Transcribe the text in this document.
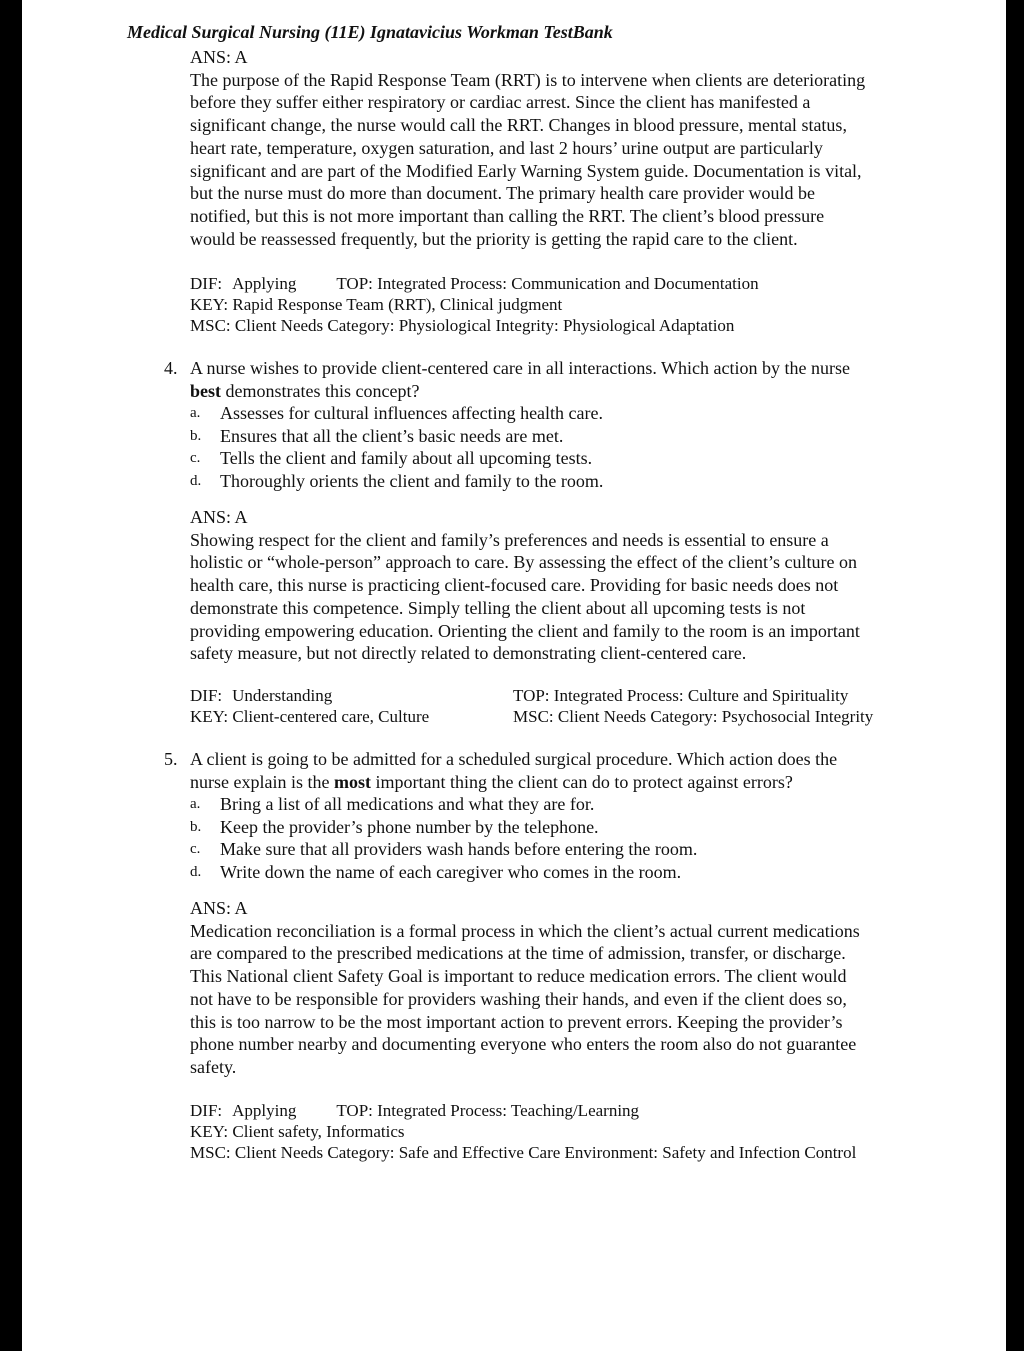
Medical Surgical Nursing (11E) Ignatavicius Workman TestBank
ANS: A
The purpose of the Rapid Response Team (RRT) is to intervene when clients are deteriorating
before they suffer either respiratory or cardiac arrest. Since the client has manifested a
significant change, the nurse would call the RRT. Changes in blood pressure, mental status,
heart rate, temperature, oxygen saturation, and last 2 hours’ urine output are particularly
significant and are part of the Modified Early Warning System guide. Documentation is vital,
but the nurse must do more than document. The primary health care provider would be
notified, but this is not more important than calling the RRT. The client’s blood pressure
would be reassessed frequently, but the priority is getting the rapid care to the client.
DIF: Applying TOP: Integrated Process: Communication and Documentation
KEY: Rapid Response Team (RRT), Clinical judgment
MSC: Client Needs Category: Physiological Integrity: Physiological Adaptation
4. A nurse wishes to provide client-centered care in all interactions. Which action by the nurse
best demonstrates this concept?
a. Assesses for cultural influences affecting health care.
b. Ensures that all the client’s basic needs are met.
c. Tells the client and family about all upcoming tests.
d. Thoroughly orients the client and family to the room.
ANS: A
Showing respect for the client and family’s preferences and needs is essential to ensure a
holistic or “whole-person” approach to care. By assessing the effect of the client’s culture on
health care, this nurse is practicing client-focused care. Providing for basic needs does not
demonstrate this competence. Simply telling the client about all upcoming tests is not
providing empowering education. Orienting the client and family to the room is an important
safety measure, but not directly related to demonstrating client-centered care.
DIF: Understanding	TOP: Integrated Process: Culture and Spirituality
KEY: Client-centered care, Culture	MSC: Client Needs Category: Psychosocial Integrity
5. A client is going to be admitted for a scheduled surgical procedure. Which action does the
nurse explain is the most important thing the client can do to protect against errors?
a. Bring a list of all medications and what they are for.
b. Keep the provider’s phone number by the telephone.
c. Make sure that all providers wash hands before entering the room.
d. Write down the name of each caregiver who comes in the room.
ANS: A
Medication reconciliation is a formal process in which the client’s actual current medications
are compared to the prescribed medications at the time of admission, transfer, or discharge.
This National client Safety Goal is important to reduce medication errors. The client would
not have to be responsible for providers washing their hands, and even if the client does so,
this is too narrow to be the most important action to prevent errors. Keeping the provider’s
phone number nearby and documenting everyone who enters the room also do not guarantee
safety.
DIF: Applying TOP: Integrated Process: Teaching/Learning
KEY: Client safety, Informatics
MSC: Client Needs Category: Safe and Effective Care Environment: Safety and Infection Control
